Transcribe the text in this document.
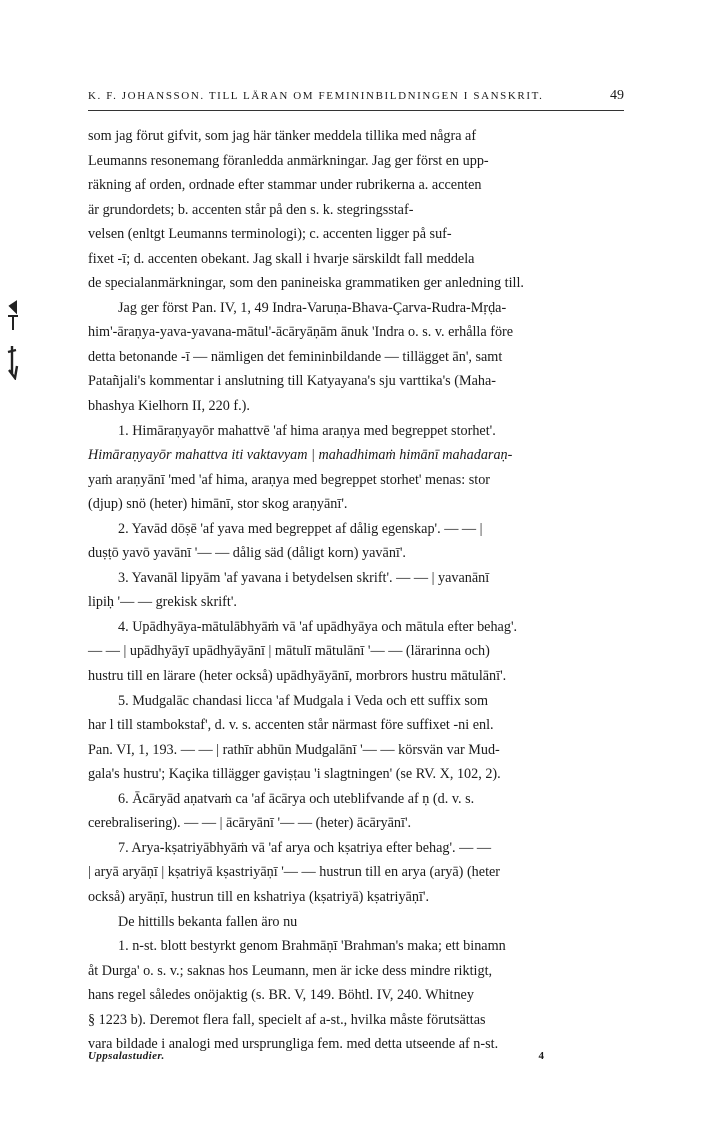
K. F. JOHANSSON. TILL LÄRAN OM FEMININBILDNINGEN I SANSKRIT.	49

som jag förut gifvit, som jag här tänker meddela tillika med några af

Leumanns resonemang föranledda anmärkningar. Jag ger först en upp-

räkning af orden, ordnade efter stammar under rubrikerna a. accenten

är grundordets; b. accenten står på den s. k. stegringsstaf-

velsen (enltgt Leumanns terminologi); c. accenten ligger på suf-

fixet -ī; d. accenten obekant. Jag skall i hvarje särskildt fall meddela

de specialanmärkningar, som den panineiska grammatiken ger anledning till.

Jag ger först Pan. IV, 1, 49 Indra-Varuṇa-Bhava-Çarva-Rudra-Mṛḍa-

him'-āraṇya-yava-yavana-mātul'-ācāryāṇām ānuk 'Indra o. s. v. erhålla före

detta betonande -ī — nämligen det femininbildande — tillägget ān', samt

Patañjali's kommentar i anslutning till Katyayana's sju varttika's (Maha-

bhashya Kielhorn II, 220 f.).

1. Himāraṇyayōr mahattvē 'af hima araṇya med begreppet storhet'.

Himāraṇyayōr mahattva iti vaktavyam | mahadhimaṁ himānī mahadaraṇ-

yaṁ araṇyānī 'med 'af hima, araṇya med begreppet storhet' menas: stor

(djup) snö (heter) himānī, stor skog araṇyānī'.

2. Yavād dōṣē 'af yava med begreppet af dålig egenskap'. — — |

duṣṭō yavō yavānī '— — dålig säd (dåligt korn) yavānī'.

3. Yavanāl lipyām 'af yavana i betydelsen skrift'. — — | yavanānī

lipiḥ '— — grekisk skrift'.

4. Upādhyāya-mātulābhyāṁ vā 'af upādhyāya och mātula efter behag'.

— — | upādhyāyī upādhyāyānī | mātulī mātulānī '— — (lärarinna och)

hustru till en lärare (heter också) upādhyāyānī, morbrors hustru mātulānī'.

5. Mudgalāc chandasi licca 'af Mudgala i Veda och ett suffix som

har l till stambokstaf', d. v. s. accenten står närmast före suffixet -ni enl.

Pan. VI, 1, 193. — — | rathīr abhūn Mudgalānī '— — körsvän var Mud-

gala's hustru'; Kaçika tillägger gaviṣṭau 'i slagtningen' (se RV. X, 102, 2).

6. Ācāryād aṇatvaṁ ca 'af ācārya och uteblifvande af ṇ (d. v. s.

cerebralisering). — — | ācāryānī '— — (heter) ācāryānī'.

7. Arya-kṣatriyābhyāṁ vā 'af arya och kṣatriya efter behag'. — —

| aryā aryāṇī | kṣatriyā kṣastriyāṇī '— — hustrun till en arya (aryā) (heter

också) aryāṇī, hustrun till en kshatriya (kṣatriyā) kṣatriyāṇī'.

De hittills bekanta fallen äro nu

1. n-st. blott bestyrkt genom Brahmāṇī 'Brahman's maka; ett binamn

åt Durga' o. s. v.; saknas hos Leumann, men är icke dess mindre riktigt,

hans regel således onöjaktig (s. BR. V, 149. Böhtl. IV, 240. Whitney

§ 1223 b). Deremot flera fall, specielt af a-st., hvilka måste förutsättas

vara bildade i analogi med ursprungliga fem. med detta utseende af n-st.

Uppsalastudier.	4
